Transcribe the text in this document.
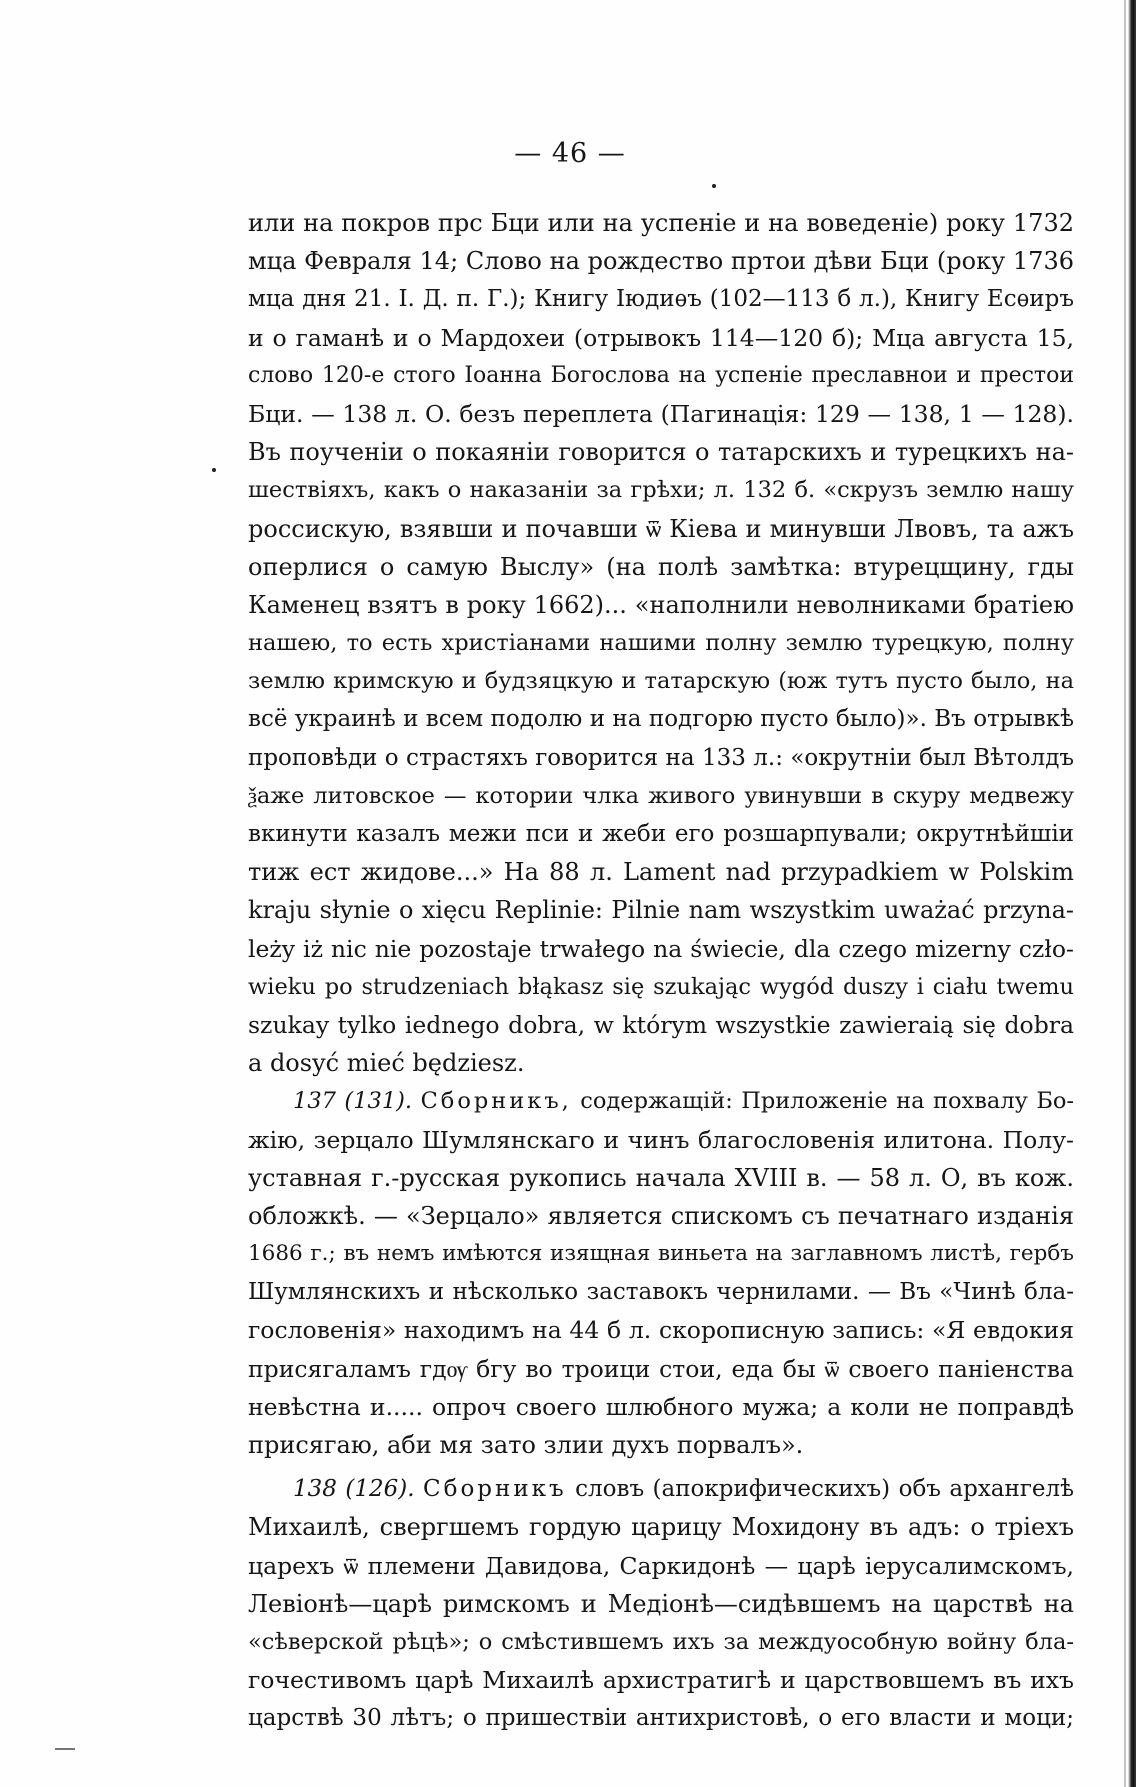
— 46 —
или на покров прс Бци или на успеніе и на воведеніе) року 1732
мца Февраля 14; Слово на рождество пртои дѣви Бци (року 1736
мца дня 21. І. Д. п. Г.); Книгу Іюдиѳъ (102—113 б л.), Книгу Есѳиръ
и о гаманѣ и о Мардохеи (отрывокъ 114—120 б); Мца августа 15,
слово 120-е стого Іоанна Богослова на успеніе преславнои и престои
Бци. — 138 л. О. безъ переплета (Пагинація: 129 — 138, 1 — 128).
Въ поученіи о покаяніи говорится о татарскихъ и турецкихъ на-
шествіяхъ, какъ о наказаніи за грѣхи; л. 132 б. «скрузъ землю нашу
россиcкую, взявши и почавши ѿ Кіева и минувши Лвовъ, та ажъ
оперлися о самую Выслу» (на полѣ замѣтка: втурецщину, гды
Каменец взятъ в року 1662)... «наполнили неволниками братіею
нашею, то есть христіанами нашими полну землю турецкую, полну
землю кримскую и будзяцкую и татарскую (юж тутъ пусто было, на
всё украинѣ и всем подолю и на подгорю пусто было)». Въ отрывкѣ
проповѣди о страстяхъ говорится на 133 л.: «окрутніи был Вѣтолдъ
ѯаже литовское — котории члка живого увинувши в скуру медвежу
вкинути казалъ межи пси и жеби его розшарпували; окрутнѣйшіи
тиж ест жидове...» На 88 л. Lament nad przypadkiem w Polskim
kraju słynie o xięcu Replinie: Pilnie nam wszystkim uważać przyna-
leży iż nic nie pozostaje trwałego na świecie, dla czego mizerny czło-
wieku po strudzeniach błąkasz się szukając wygód duszy i ciału twemu
szukay tylko iednego dobra, w którym wszystkie zawieraią się dobra
a dosyć mieć będziesz.
137 (131). Сборникъ, содержащій: Приложеніе на похвалу Бо-
жію, зерцало Шумлянскаго и чинъ благословенія илитона. Полу-
уставная г.-русская рукопись начала XVIII в. — 58 л. О, въ кож.
обложкѣ. — «Зерцало» является спискомъ съ печатнаго изданія
1686 г.; въ немъ имѣются изящная виньета на заглавномъ листѣ, гербъ
Шумлянскихъ и нѣсколько заставокъ чернилами. — Въ «Чинѣ бла-
гословенія» находимъ на 44 б л. скорописную запись: «Я евдокия
присягаламъ гдѹ бгу во троици стои, еда бы ѿ своего паніенства
невѣстна и..... опроч своего шлюбного мужа; а коли не поправдѣ
присягаю, аби мя зато злии духъ порвалъ».
138 (126). Сборникъ словъ (апокрифическихъ) объ архангелѣ
Михаилѣ, свергшемъ гордую царицу Мохидону въ адъ: о тріехъ
царехъ ѿ племени Давидова, Саркидонѣ — царѣ іерусалимскомъ,
Левіонѣ—царѣ римскомъ и Медіонѣ—сидѣвшемъ на царствѣ на
«сѣверской рѣцѣ»; о смѣстившемъ ихъ за междуособную войну бла-
гочестивомъ царѣ Михаилѣ архистратигѣ и царствовшемъ въ ихъ
царствѣ 30 лѣтъ; о пришествіи антихристовѣ, о его власти и моци;
